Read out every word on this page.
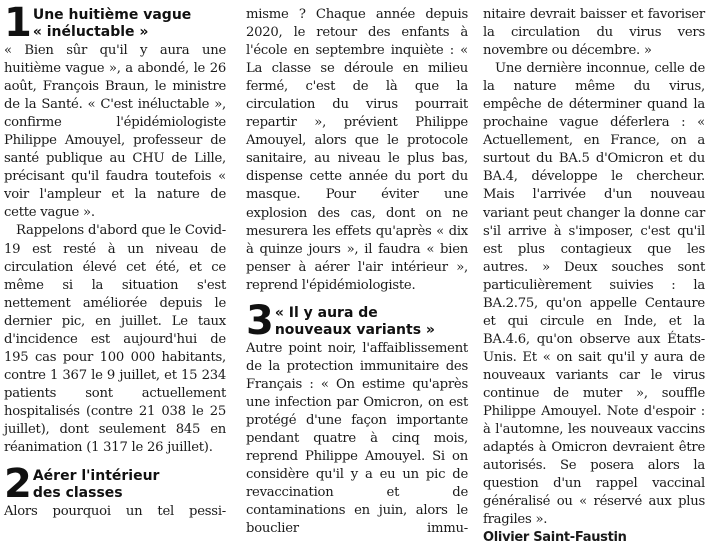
1 Une huitième vague
« inéluctable »

« Bien sûr qu'il y aura une huitième vague », a abondé, le 26 août, François Braun, le ministre de la Santé. « C'est inéluctable », confirme l'épidémiologiste Philippe Amouyel, professeur de santé publique au CHU de Lille, précisant qu'il faudra toutefois « voir l'ampleur et la nature de cette vague ».

Rappelons d'abord que le Covid-19 est resté à un niveau de circulation élevé cet été, et ce même si la situation s'est nettement améliorée depuis le dernier pic, en juillet. Le taux d'incidence est aujourd'hui de 195 cas pour 100 000 habitants, contre 1 367 le 9 juillet, et 15 234 patients sont actuellement hospitalisés (contre 21 038 le 25 juillet), dont seulement 845 en réanimation (1 317 le 26 juillet).

2 Aérer l'intérieur
des classes

Alors pourquoi un tel pessi-

misme ? Chaque année depuis 2020, le retour des enfants à l'école en septembre inquiète : « La classe se déroule en milieu fermé, c'est de là que la circulation du virus pourrait repartir », prévient Philippe Amouyel, alors que le protocole sanitaire, au niveau le plus bas, dispense cette année du port du masque. Pour éviter une explosion des cas, dont on ne mesurera les effets qu'après « dix à quinze jours », il faudra « bien penser à aérer l'air intérieur », reprend l'épidémiologiste.

3 « Il y aura de
nouveaux variants »

Autre point noir, l'affaiblissement de la protection immunitaire des Français : « On estime qu'après une infection par Omicron, on est protégé d'une façon importante pendant quatre à cinq mois, reprend Philippe Amouyel. Si on considère qu'il y a eu un pic de revaccination et de contaminations en juin, alors le bouclier immu-

nitaire devrait baisser et favoriser la circulation du virus vers novembre ou décembre. »

Une dernière inconnue, celle de la nature même du virus, empêche de déterminer quand la prochaine vague déferlera : « Actuellement, en France, on a surtout du BA.5 d'Omicron et du BA.4, développe le chercheur. Mais l'arrivée d'un nouveau variant peut changer la donne car s'il arrive à s'imposer, c'est qu'il est plus contagieux que les autres. » Deux souches sont particulièrement suivies : la BA.2.75, qu'on appelle Centaure et qui circule en Inde, et la BA.4.6, qu'on observe aux États-Unis. Et « on sait qu'il y aura de nouveaux variants car le virus continue de muter », souffle Philippe Amouyel. Note d'espoir : à l'automne, les nouveaux vaccins adaptés à Omicron devraient être autorisés. Se posera alors la question d'un rappel vaccinal généralisé ou « réservé aux plus fragiles ».

Olivier Saint-Faustin
